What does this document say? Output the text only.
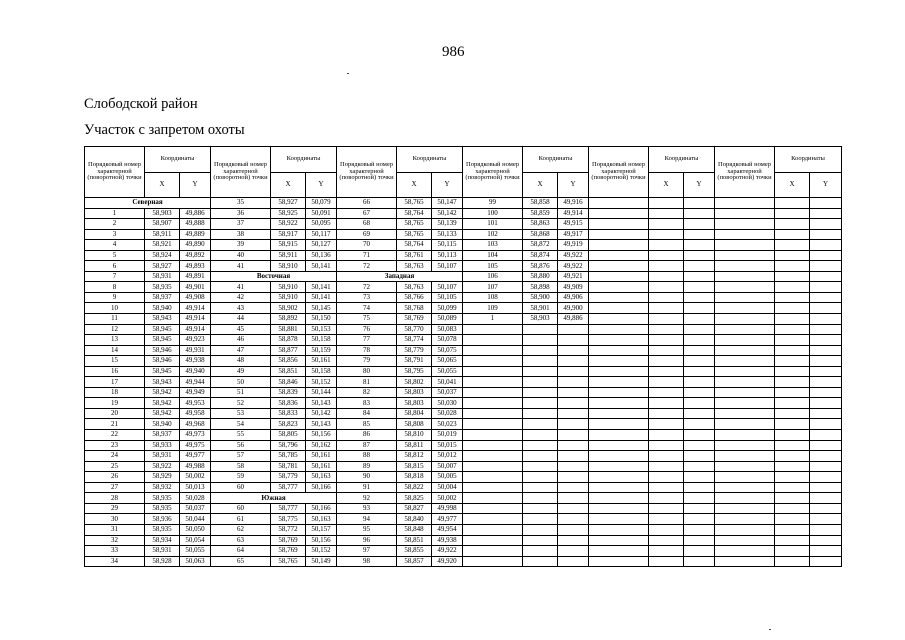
986
Слободской район
Участок с запретом охоты
Порядковый номер характерной (поворотной) точки	Координаты		Порядковый номер характерной (поворотной) точки	Координаты		Порядковый номер характерной (поворотной) точки	Координаты		Порядковый номер характерной (поворотной) точки	Координаты		Порядковый номер характерной (поворотной) точки	Координаты		Порядковый номер характерной (поворотной) точки	Координаты	
	X	Y		X	Y		X	Y		X	Y		X	Y		X	Y
Северная			35	58,927	50,079	66	58,765	50,147	99	58,858	49,916						
1	58,903	49,886	36	58,925	50,091	67	58,764	50,142	100	58,859	49,914						
2	58,907	49,888	37	58,922	50,095	68	58,765	50,139	101	58,863	49,915						
3	58,911	49,889	38	58,917	50,117	69	58,765	50,133	102	58,868	49,917						
4	58,921	49,890	39	58,915	50,127	70	58,764	50,115	103	58,872	49,919						
5	58,924	49,892	40	58,911	50,136	71	58,761	50,113	104	58,874	49,922						
6	58,927	49,893	41	58,910	50,141	72	58,763	50,107	105	58,876	49,922						
7	58,931	49,891	Восточная			Западная			106	58,880	49,921						
8	58,935	49,901	41	58,910	50,141	72	58,763	50,107	107	58,898	49,909						
9	58,937	49,908	42	58,910	50,141	73	58,766	50,105	108	58,900	49,906						
10	58,940	49,914	43	58,902	50,145	74	58,768	50,099	109	58,901	49,900						
11	58,943	49,914	44	58,892	50,150	75	58,769	50,089	1	58,903	49,886						
12	58,945	49,914	45	58,881	50,153	76	58,770	50,083									
13	58,945	49,923	46	58,878	50,158	77	58,774	50,078									
14	58,946	49,931	47	58,877	50,159	78	58,779	50,075									
15	58,946	49,938	48	58,856	50,161	79	58,791	50,065									
16	58,945	49,940	49	58,851	50,158	80	58,795	50,055									
17	58,943	49,944	50	58,846	50,152	81	58,802	50,041									
18	58,942	49,949	51	58,839	50,144	82	58,803	50,037									
19	58,942	49,953	52	58,836	50,143	83	58,803	50,030									
20	58,942	49,958	53	58,833	50,142	84	58,804	50,028									
21	58,940	49,968	54	58,823	50,143	85	58,808	50,023									
22	58,937	49,973	55	58,805	50,156	86	58,810	50,019									
23	58,933	49,975	56	58,796	50,162	87	58,811	50,015									
24	58,931	49,977	57	58,785	50,161	88	58,812	50,012									
25	58,922	49,988	58	58,781	50,161	89	58,815	50,007									
26	58,929	50,002	59	58,779	50,163	90	58,818	50,005									
27	58,932	50,013	60	58,777	50,166	91	58,822	50,004									
28	58,935	50,028	Южная			92	58,825	50,002									
29	58,935	50,037	60	58,777	50,166	93	58,827	49,998									
30	58,936	50,044	61	58,775	50,163	94	58,840	49,977									
31	58,935	50,050	62	58,772	50,157	95	58,848	49,954									
32	58,934	50,054	63	58,769	50,156	96	58,851	49,938									
33	58,931	50,055	64	58,769	50,152	97	58,855	49,922									
34	58,928	50,063	65	58,765	50,149	98	58,857	49,920									
